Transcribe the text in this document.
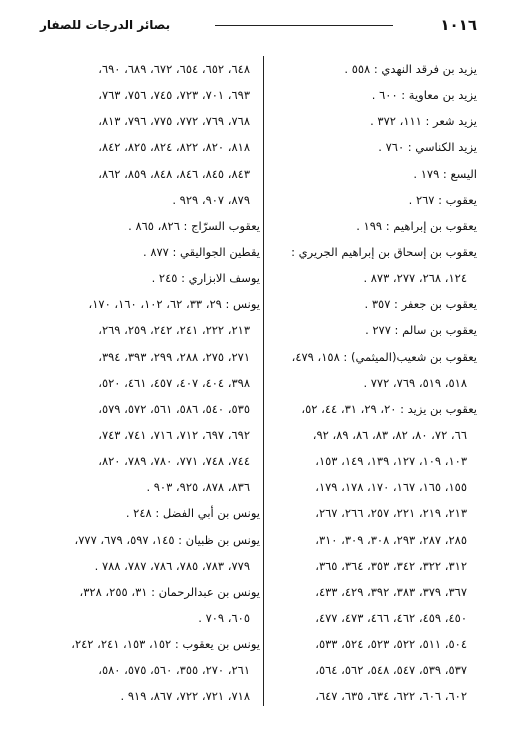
١٠١٦
بصائر الدرجات للصفار
يزيد بن فرقد النهدي : ٥٥٨ .
يزيد بن معاوية : ٦٠٠ .
يزيد شعر : ١١١، ٣٧٢ .
يزيد الكناسي : ٧٦٠ .
اليسع : ١٧٩ .
يعقوب : ٢٦٧ .
يعقوب بن إبراهيم : ١٩٩ .
يعقوب بن إسحاق بن إبراهيم الجريري :
١٢٤، ٢٦٨، ٢٧٧، ٨٧٣ .
يعقوب بن جعفر : ٣٥٧ .
يعقوب بن سالم : ٢٧٧ .
يعقوب بن شعيب(الميثمي) : ١٥٨، ٤٧٩،
٥١٨، ٥١٩، ٧٦٩، ٧٧٢ .
يعقوب بن يزيد : ٢٠، ٢٩، ٣١، ٤٤، ٥٢،
٦٦، ٧٢، ٨٠، ٨٢، ٨٣، ٨٦، ٨٩، ٩٢،
١٠٣، ١٠٩، ١٢٧، ١٣٩، ١٤٩، ١٥٣،
١٥٥، ١٦٥، ١٦٧، ١٧٠، ١٧٨، ١٧٩،
٢١٣، ٢١٩، ٢٢١، ٢٥٧، ٢٦٦، ٢٦٧،
٢٨٥، ٢٨٧، ٢٩٣، ٣٠٨، ٣٠٩، ٣١٠،
٣١٢، ٣٢٢، ٣٤٢، ٣٥٣، ٣٦٤، ٣٦٥،
٣٦٧، ٣٧٩، ٣٨٣، ٣٩٢، ٤٢٩، ٤٣٣،
٤٥٠، ٤٥٩، ٤٦٢، ٤٦٦، ٤٧٣، ٤٧٧،
٥٠٤، ٥١١، ٥٢٢، ٥٢٣، ٥٢٤، ٥٣٣،
٥٣٧، ٥٣٩، ٥٤٧، ٥٤٨، ٥٦٢، ٥٦٤،
٦٠٢، ٦٠٦، ٦٢٢، ٦٣٤، ٦٣٥، ٦٤٧،
٦٤٨، ٦٥٢، ٦٥٤، ٦٧٢، ٦٨٩، ٦٩٠،
٦٩٣، ٧٠١، ٧٢٣، ٧٤٥، ٧٥٦، ٧٦٣،
٧٦٨، ٧٦٩، ٧٧٢، ٧٧٥، ٧٩٦، ٨١٣،
٨١٨، ٨٢٠، ٨٢٢، ٨٢٤، ٨٢٥، ٨٤٢،
٨٤٣، ٨٤٥، ٨٤٦، ٨٤٨، ٨٥٩، ٨٦٢،
٨٧٩، ٩٠٧، ٩٢٩ .
يعقوب السرّاج : ٨٢٦، ٨٦٥ .
يقطين الجواليقي : ٨٧٧ .
يوسف الابزاري : ٢٤٥ .
يونس : ٢٩، ٣٣، ٦٢، ١٠٢، ١٦٠، ١٧٠،
٢١٣، ٢٢٢، ٢٤١، ٢٤٢، ٢٥٩، ٢٦٩،
٢٧١، ٢٧٥، ٢٨٨، ٢٩٩، ٣٩٣، ٣٩٤،
٣٩٨، ٤٠٤، ٤٠٧، ٤٥٧، ٤٦١، ٥٢٠،
٥٣٥، ٥٤٠، ٥٨٦، ٥٦١، ٥٧٢، ٥٧٩،
٦٩٢، ٦٩٧، ٧١٢، ٧١٦، ٧٤١، ٧٤٣،
٧٤٤، ٧٤٨، ٧٧١، ٧٨٠، ٧٨٩، ٨٢٠،
٨٣٦، ٨٧٨، ٩٢٥، ٩٠٣ .
يونس بن أبي الفضل : ٢٤٨ .
يونس بن ظبيان : ١٤٥، ٥٩٧، ٦٧٩، ٧٧٧،
٧٧٩، ٧٨٣، ٧٨٥، ٧٨٦، ٧٨٧، ٧٨٨ .
يونس بن عبدالرحمان : ٣١، ٢٥٥، ٣٢٨،
٦٠٥، ٧٠٩ .
يونس بن يعقوب : ١٥٢، ١٥٣، ٢٤١، ٢٤٢،
٢٦١، ٢٧٠، ٣٥٥، ٥٦٠، ٥٧٥، ٥٨٠،
٧١٨، ٧٢١، ٧٢٢، ٨٦٧، ٩١٩ .
